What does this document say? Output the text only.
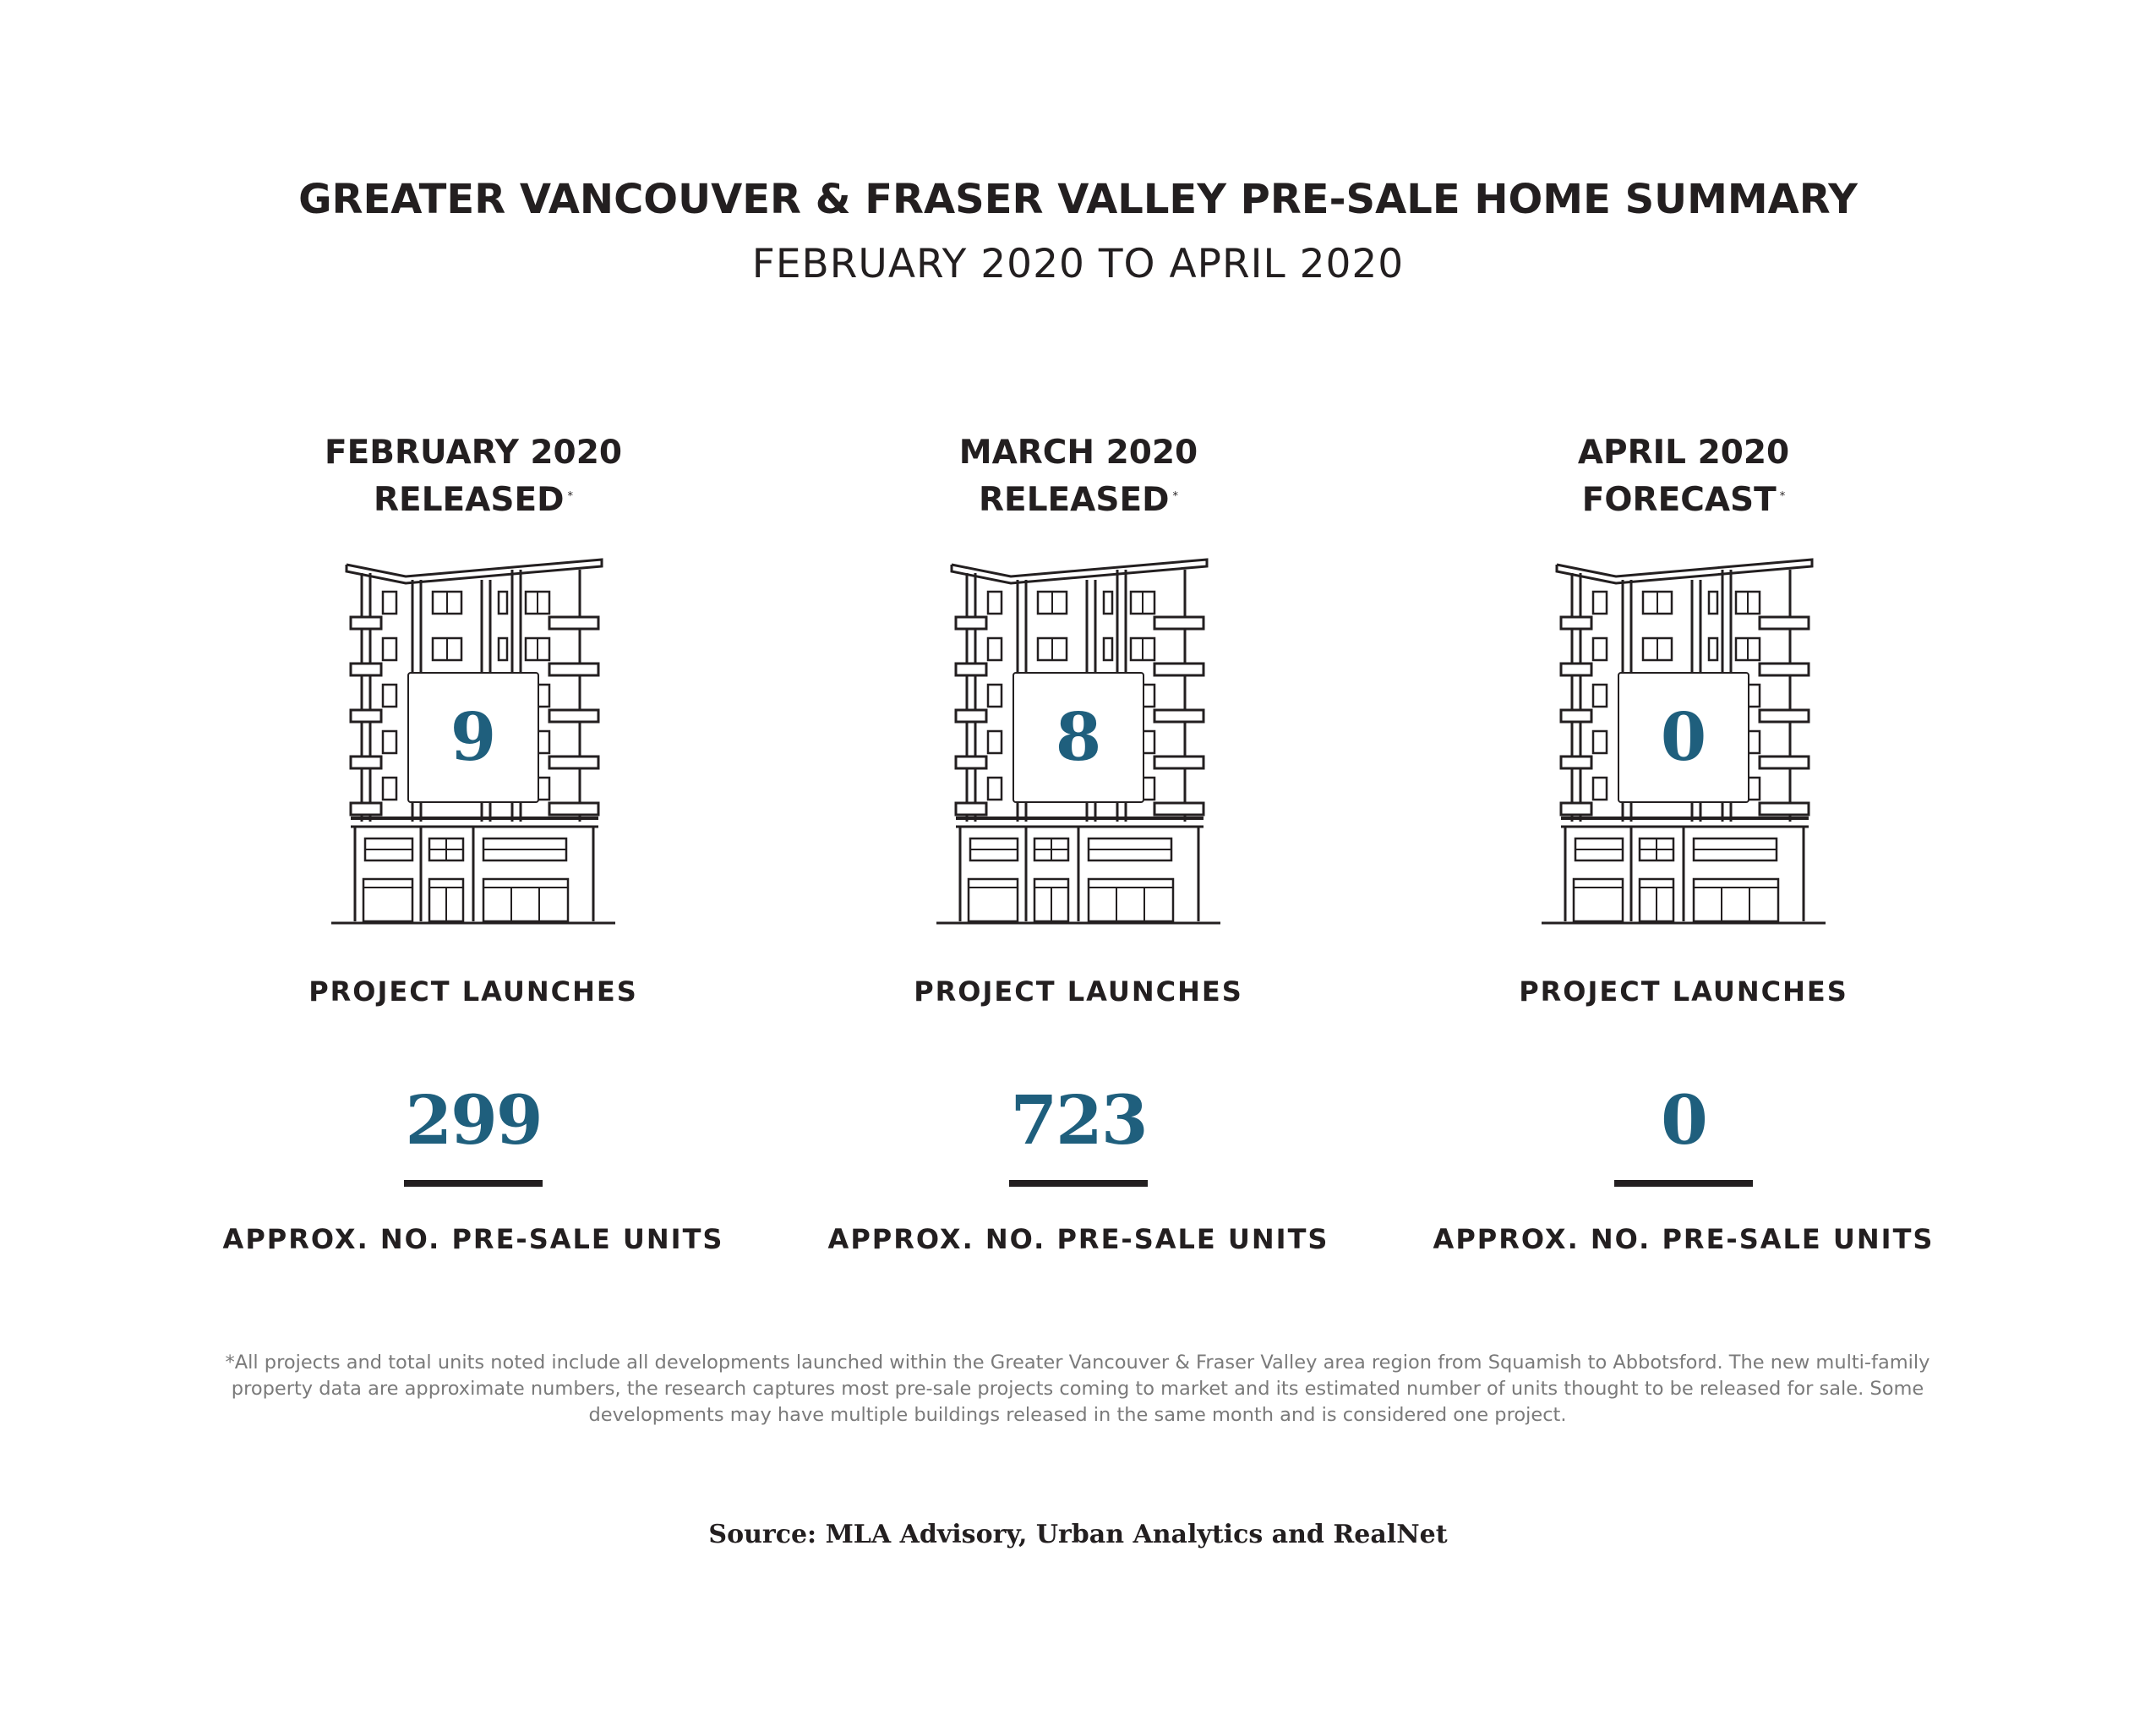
GREATER VANCOUVER & FRASER VALLEY PRE-SALE HOME SUMMARY
FEBRUARY 2020 TO APRIL 2020
FEBRUARY 2020
RELEASED *
9
PROJECT LAUNCHES
299
APPROX. NO. PRE-SALE UNITS
MARCH 2020
RELEASED *
8
PROJECT LAUNCHES
723
APPROX. NO. PRE-SALE UNITS
APRIL 2020
FORECAST *
0
PROJECT LAUNCHES
0
APPROX. NO. PRE-SALE UNITS
*All projects and total units noted include all developments launched within the Greater Vancouver & Fraser Valley area region from Squamish to Abbotsford. The new multi-family property data are approximate numbers, the research captures most pre-sale projects coming to market and its estimated number of units thought to be released for sale. Some developments may have multiple buildings released in the same month and is considered one project.
Source: MLA Advisory, Urban Analytics and RealNet
